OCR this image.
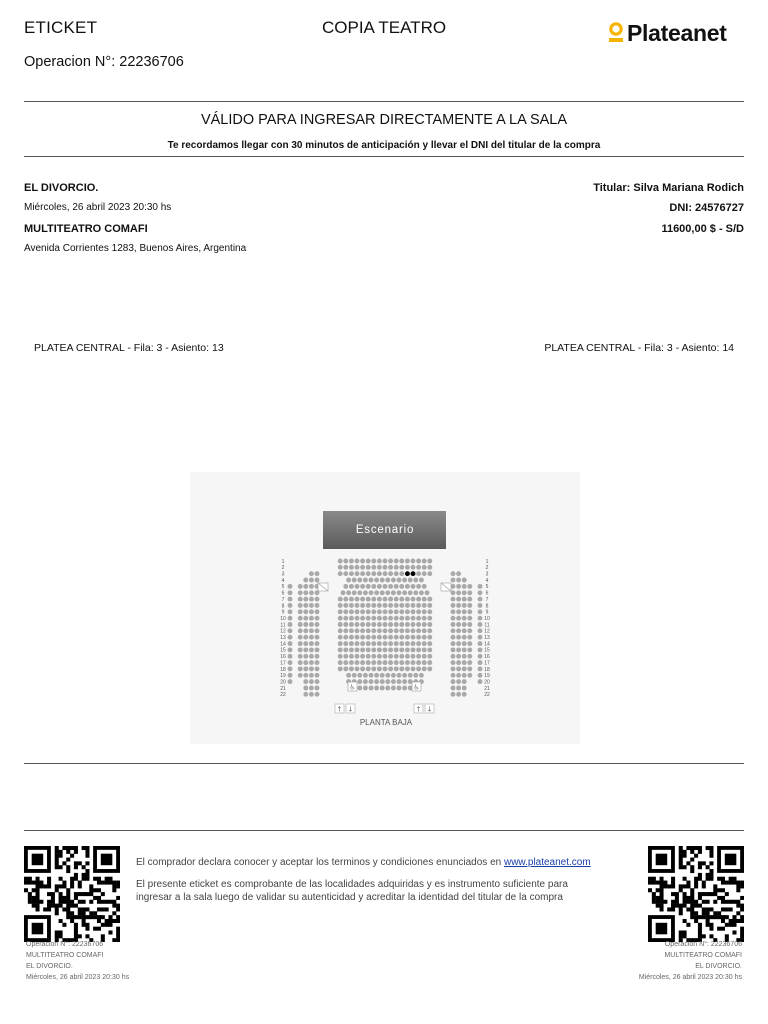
ETICKET	COPIA TEATRO	Plateanet
Operacion N°: 22236706
VÁLIDO PARA INGRESAR DIRECTAMENTE A LA SALA
Te recordamos llegar con 30 minutos de anticipación y llevar el DNI del titular de la compra
EL DIVORCIO.
Miércoles, 26 abril 2023 20:30 hs
MULTITEATRO COMAFI
Avenida Corrientes 1283, Buenos Aires, Argentina
Titular: Silva Mariana Rodich
DNI: 24576727
11600,00 $ - S/D
PLATEA CENTRAL - Fila: 3 - Asiento: 13	PLATEA CENTRAL - Fila: 3 - Asiento: 14
Escenario
1	1
2	2
3	3
4	4
5	5
6	6
7	7
8	8
9	9
10	10
11	11
12	12
13	13
14	14
15	15
16	16
17	17
18	18
19	19
20	20
21	21
22	22
♿	♿
↑ ↓	↑ ↓
PLANTA BAJA
El comprador declara conocer y aceptar los terminos y condiciones enunciados en www.plateanet.com
El presente eticket es comprobante de las localidades adquiridas y es instrumento suficiente para ingresar a la sala luego de validar su autenticidad y acreditar la identidad del titular de la compra
Operacion N°: 22236706
MULTITEATRO COMAFI
EL DIVORCIO.
Miércoles, 26 abril 2023 20:30 hs
Operacion N°: 22236706
MULTITEATRO COMAFI
EL DIVORCIO.
Miércoles, 26 abril 2023 20:30 hs
